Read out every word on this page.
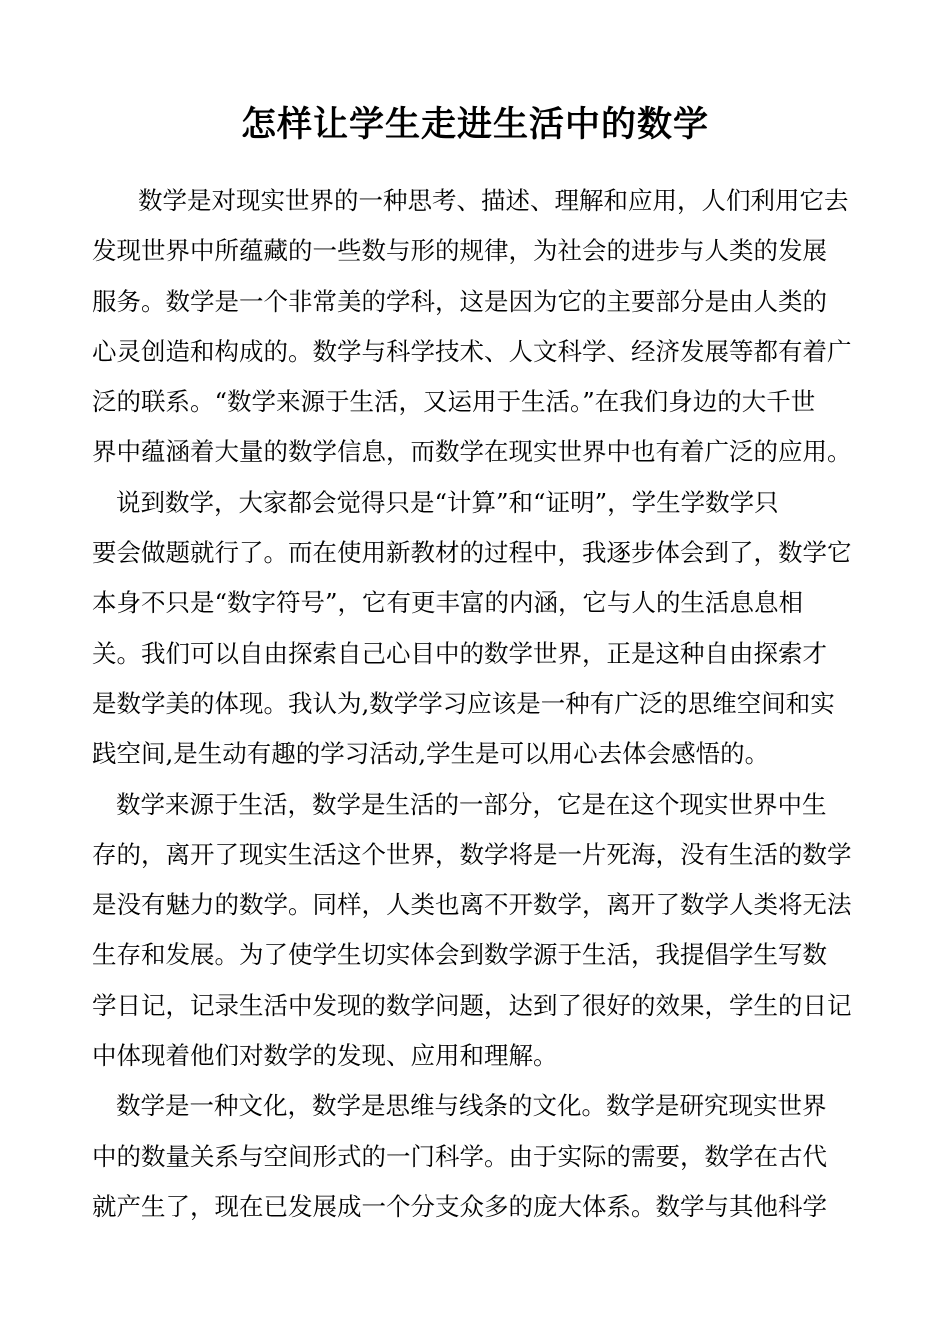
怎样让学生走进生活中的数学
数学是对现实世界的一种思考、描述、理解和应用，人们利用它去
发现世界中所蕴藏的一些数与形的规律，为社会的进步与人类的发展
服务。数学是一个非常美的学科，这是因为它的主要部分是由人类的
心灵创造和构成的。数学与科学技术、人文科学、经济发展等都有着广
泛的联系。“数学来源于生活，又运用于生活。”在我们身边的大千世
界中蕴涵着大量的数学信息，而数学在现实世界中也有着广泛的应用。
说到数学，大家都会觉得只是“计算”和“证明”，学生学数学只
要会做题就行了。而在使用新教材的过程中，我逐步体会到了，数学它
本身不只是“数字符号”，它有更丰富的内涵，它与人的生活息息相
关。我们可以自由探索自己心目中的数学世界，正是这种自由探索才
是数学美的体现。我认为,数学学习应该是一种有广泛的思维空间和实
践空间,是生动有趣的学习活动,学生是可以用心去体会感悟的。
数学来源于生活，数学是生活的一部分，它是在这个现实世界中生
存的，离开了现实生活这个世界，数学将是一片死海，没有生活的数学
是没有魅力的数学。同样，人类也离不开数学，离开了数学人类将无法
生存和发展。为了使学生切实体会到数学源于生活，我提倡学生写数
学日记，记录生活中发现的数学问题，达到了很好的效果，学生的日记
中体现着他们对数学的发现、应用和理解。
数学是一种文化，数学是思维与线条的文化。数学是研究现实世界
中的数量关系与空间形式的一门科学。由于实际的需要，数学在古代
就产生了，现在已发展成一个分支众多的庞大体系。数学与其他科学
